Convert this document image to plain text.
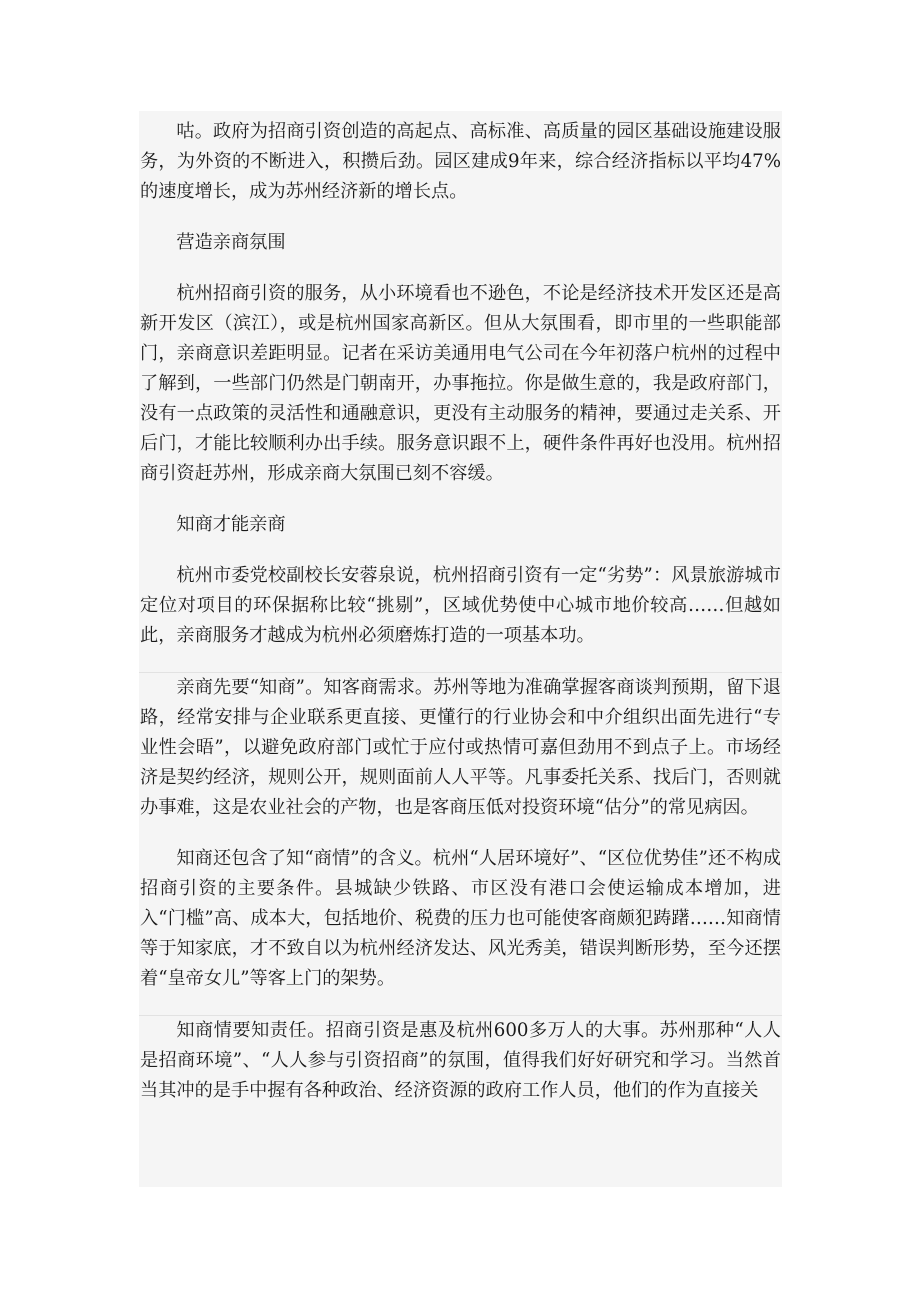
咕。政府为招商引资创造的高起点、高标准、高质量的园区基础设施建设服务，为外资的不断进入，积攒后劲。园区建成9年来，综合经济指标以平均47%的速度增长，成为苏州经济新的增长点。

营造亲商氛围

杭州招商引资的服务，从小环境看也不逊色，不论是经济技术开发区还是高新开发区（滨江），或是杭州国家高新区。但从大氛围看，即市里的一些职能部门，亲商意识差距明显。记者在采访美通用电气公司在今年初落户杭州的过程中了解到，一些部门仍然是门朝南开，办事拖拉。你是做生意的，我是政府部门，没有一点政策的灵活性和通融意识，更没有主动服务的精神，要通过走关系、开后门，才能比较顺利办出手续。服务意识跟不上，硬件条件再好也没用。杭州招商引资赶苏州，形成亲商大氛围已刻不容缓。

知商才能亲商

杭州市委党校副校长安蓉泉说，杭州招商引资有一定“劣势”：风景旅游城市定位对项目的环保据称比较“挑剔”，区域优势使中心城市地价较高……但越如此，亲商服务才越成为杭州必须磨炼打造的一项基本功。

亲商先要“知商”。知客商需求。苏州等地为准确掌握客商谈判预期，留下退路，经常安排与企业联系更直接、更懂行的行业协会和中介组织出面先进行“专业性会晤”，以避免政府部门或忙于应付或热情可嘉但劲用不到点子上。市场经济是契约经济，规则公开，规则面前人人平等。凡事委托关系、找后门，否则就办事难，这是农业社会的产物，也是客商压低对投资环境“估分”的常见病因。

知商还包含了知“商情”的含义。杭州“人居环境好”、“区位优势佳”还不构成招商引资的主要条件。县城缺少铁路、市区没有港口会使运输成本增加，进入“门槛”高、成本大，包括地价、税费的压力也可能使客商颇犯踌躇……知商情等于知家底，才不致自以为杭州经济发达、风光秀美，错误判断形势，至今还摆着“皇帝女儿”等客上门的架势。

知商情要知责任。招商引资是惠及杭州600多万人的大事。苏州那种“人人是招商环境”、“人人参与引资招商”的氛围，值得我们好好研究和学习。当然首当其冲的是手中握有各种政治、经济资源的政府工作人员，他们的作为直接关
